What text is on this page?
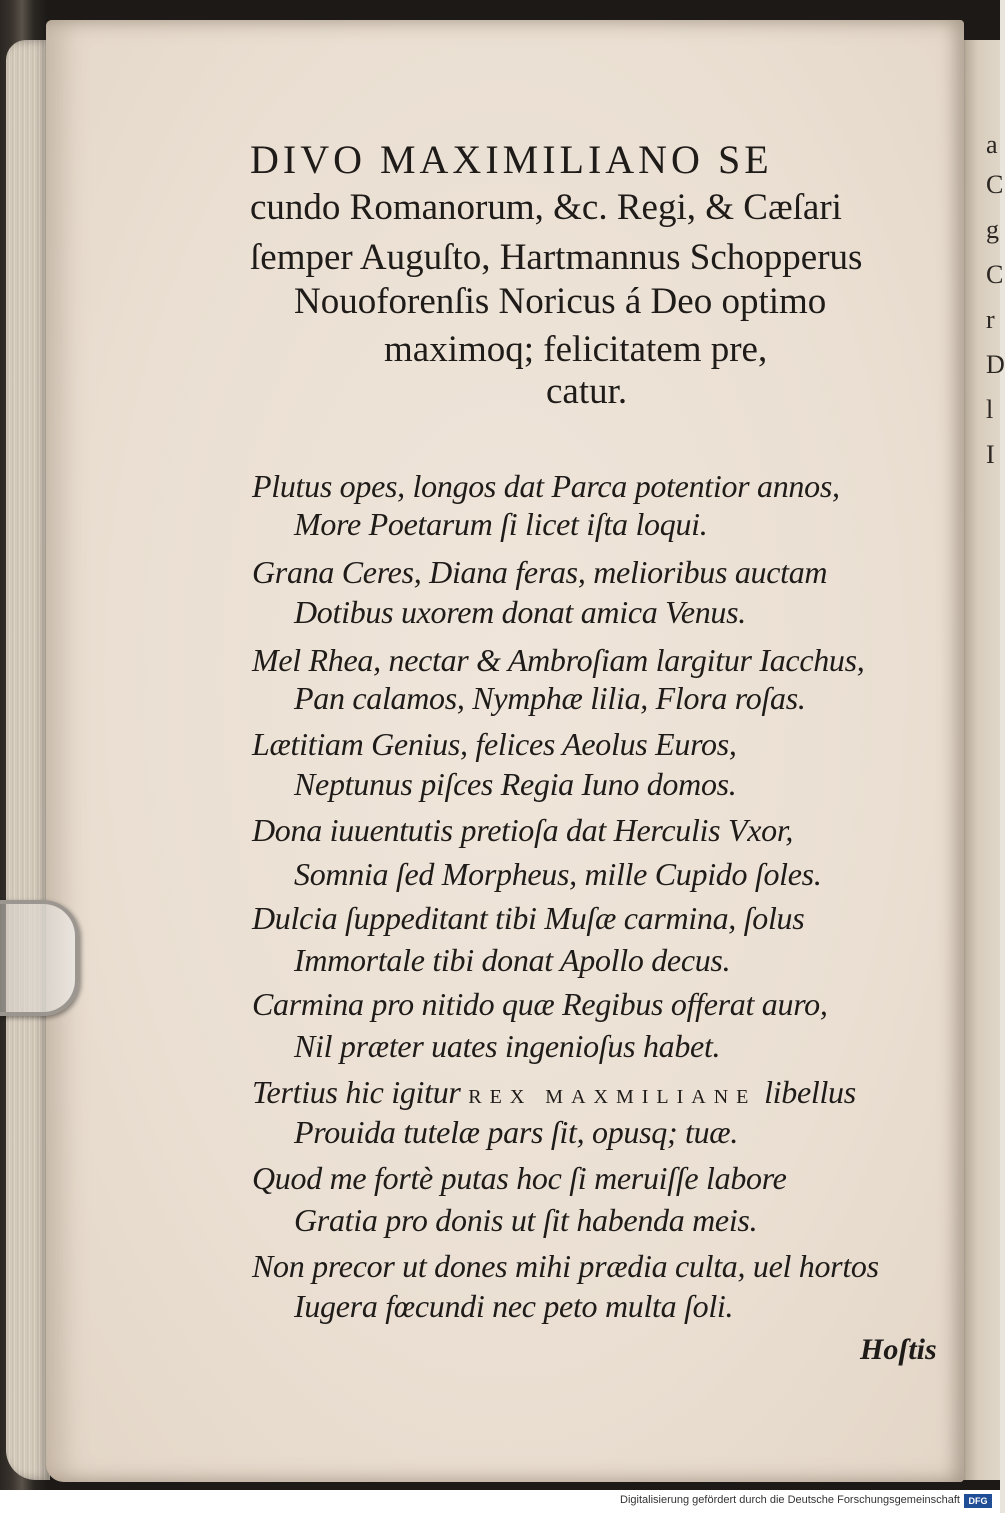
a
C
g
C
r
D
l
I
DIVO MAXIMILIANO SE
cundo Romanorum, &c. Regi, & Cæſari
ſemper Auguſto, Hartmannus Schopperus
Nouoforenſis Noricus á Deo optimo
maximoq; felicitatem pre,
catur.
Plutus opes, longos dat Parca potentior annos,
More Poetarum ſi licet iſta loqui.
Grana Ceres, Diana feras, melioribus auctam
Dotibus uxorem donat amica Venus.
Mel Rhea, nectar & Ambroſiam largitur Iacchus,
Pan calamos, Nymphæ lilia, Flora roſas.
Lætitiam Genius, felices Aeolus Euros,
Neptunus piſces Regia Iuno domos.
Dona iuuentutis pretioſa dat Herculis Vxor,
Somnia ſed Morpheus, mille Cupido ſoles.
Dulcia ſuppeditant tibi Muſæ carmina, ſolus
Immortale tibi donat Apollo decus.
Carmina pro nitido quæ Regibus offerat auro,
Nil præter uates ingenioſus habet.
Tertius hic igitur REX MAXMILIANE libellus
Prouida tutelæ pars ſit, opusq; tuæ.
Quod me fortè putas hoc ſi meruiſſe labore
Gratia pro donis ut ſit habenda meis.
Non precor ut dones mihi prædia culta, uel hortos
Iugera fœcundi nec peto multa ſoli.
Hoſtis
Digitalisierung gefördert durch die Deutsche Forschungsgemeinschaft DFG
